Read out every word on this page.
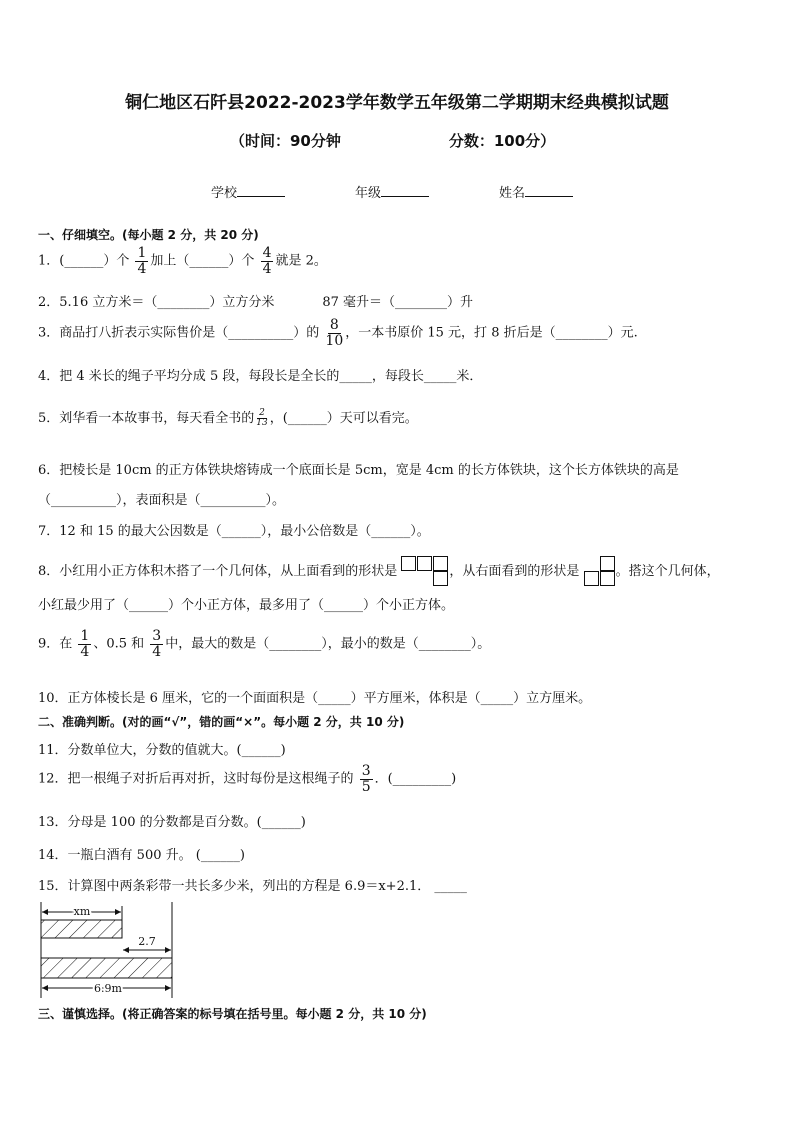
铜仁地区石阡县2022-2023学年数学五年级第二学期期末经典模拟试题
（时间：90分钟	分数：100分）
学校	年级	姓名
一、仔细填空。(每小题 2 分，共 20 分)
1．(______）个 $\frac{1}{4}$ 加上（______）个 $\frac{4}{4}$ 就是 2。
2．5.16 立方米＝（________）立方分米	87 毫升＝（________）升
3．商品打八折表示实际售价是（__________）的 $\frac{8}{10}$ ，一本书原价 15 元，打 8 折后是（________）元.
4．把 4 米长的绳子平均分成 5 段，每段长是全长的_____，每段长_____米．
5．刘华看一本故事书，每天看全书的 $\frac{2}{13}$ ，(______）天可以看完。
6．把棱长是 10cm 的正方体铁块熔铸成一个底面长是 5cm，宽是 4cm 的长方体铁块，这个长方体铁块的高是
（__________），表面积是（__________）。
7．12 和 15 的最大公因数是（______），最小公倍数是（______）。
8．小红用小正方体积木搭了一个几何体，从上面看到的形状是	，从右面看到的形状是	。搭这个几何体，
小红最少用了（______）个小正方体，最多用了（______）个小正方体。
9．在 $\frac{1}{4}$ 、0.5 和 $\frac{3}{4}$ 中，最大的数是（________），最小的数是（________）。
10．正方体棱长是 6 厘米，它的一个面面积是（_____）平方厘米，体积是（_____）立方厘米。
二、准确判断。(对的画“√”，错的画“×”。每小题 2 分，共 10 分)
11．分数单位大，分数的值就大。(______)
12．把一根绳子对折后再对折，这时每份是这根绳子的 $\frac{3}{5}$ ．(_________)
13．分母是 100 的分数都是百分数。(______)
14．一瓶白酒有 500 升。 (______)
15．计算图中两条彩带一共长多少米，列出的方程是 6.9＝x+2.1． _____
xm
2.7
6.9m
三、谨慎选择。(将正确答案的标号填在括号里。每小题 2 分，共 10 分)
